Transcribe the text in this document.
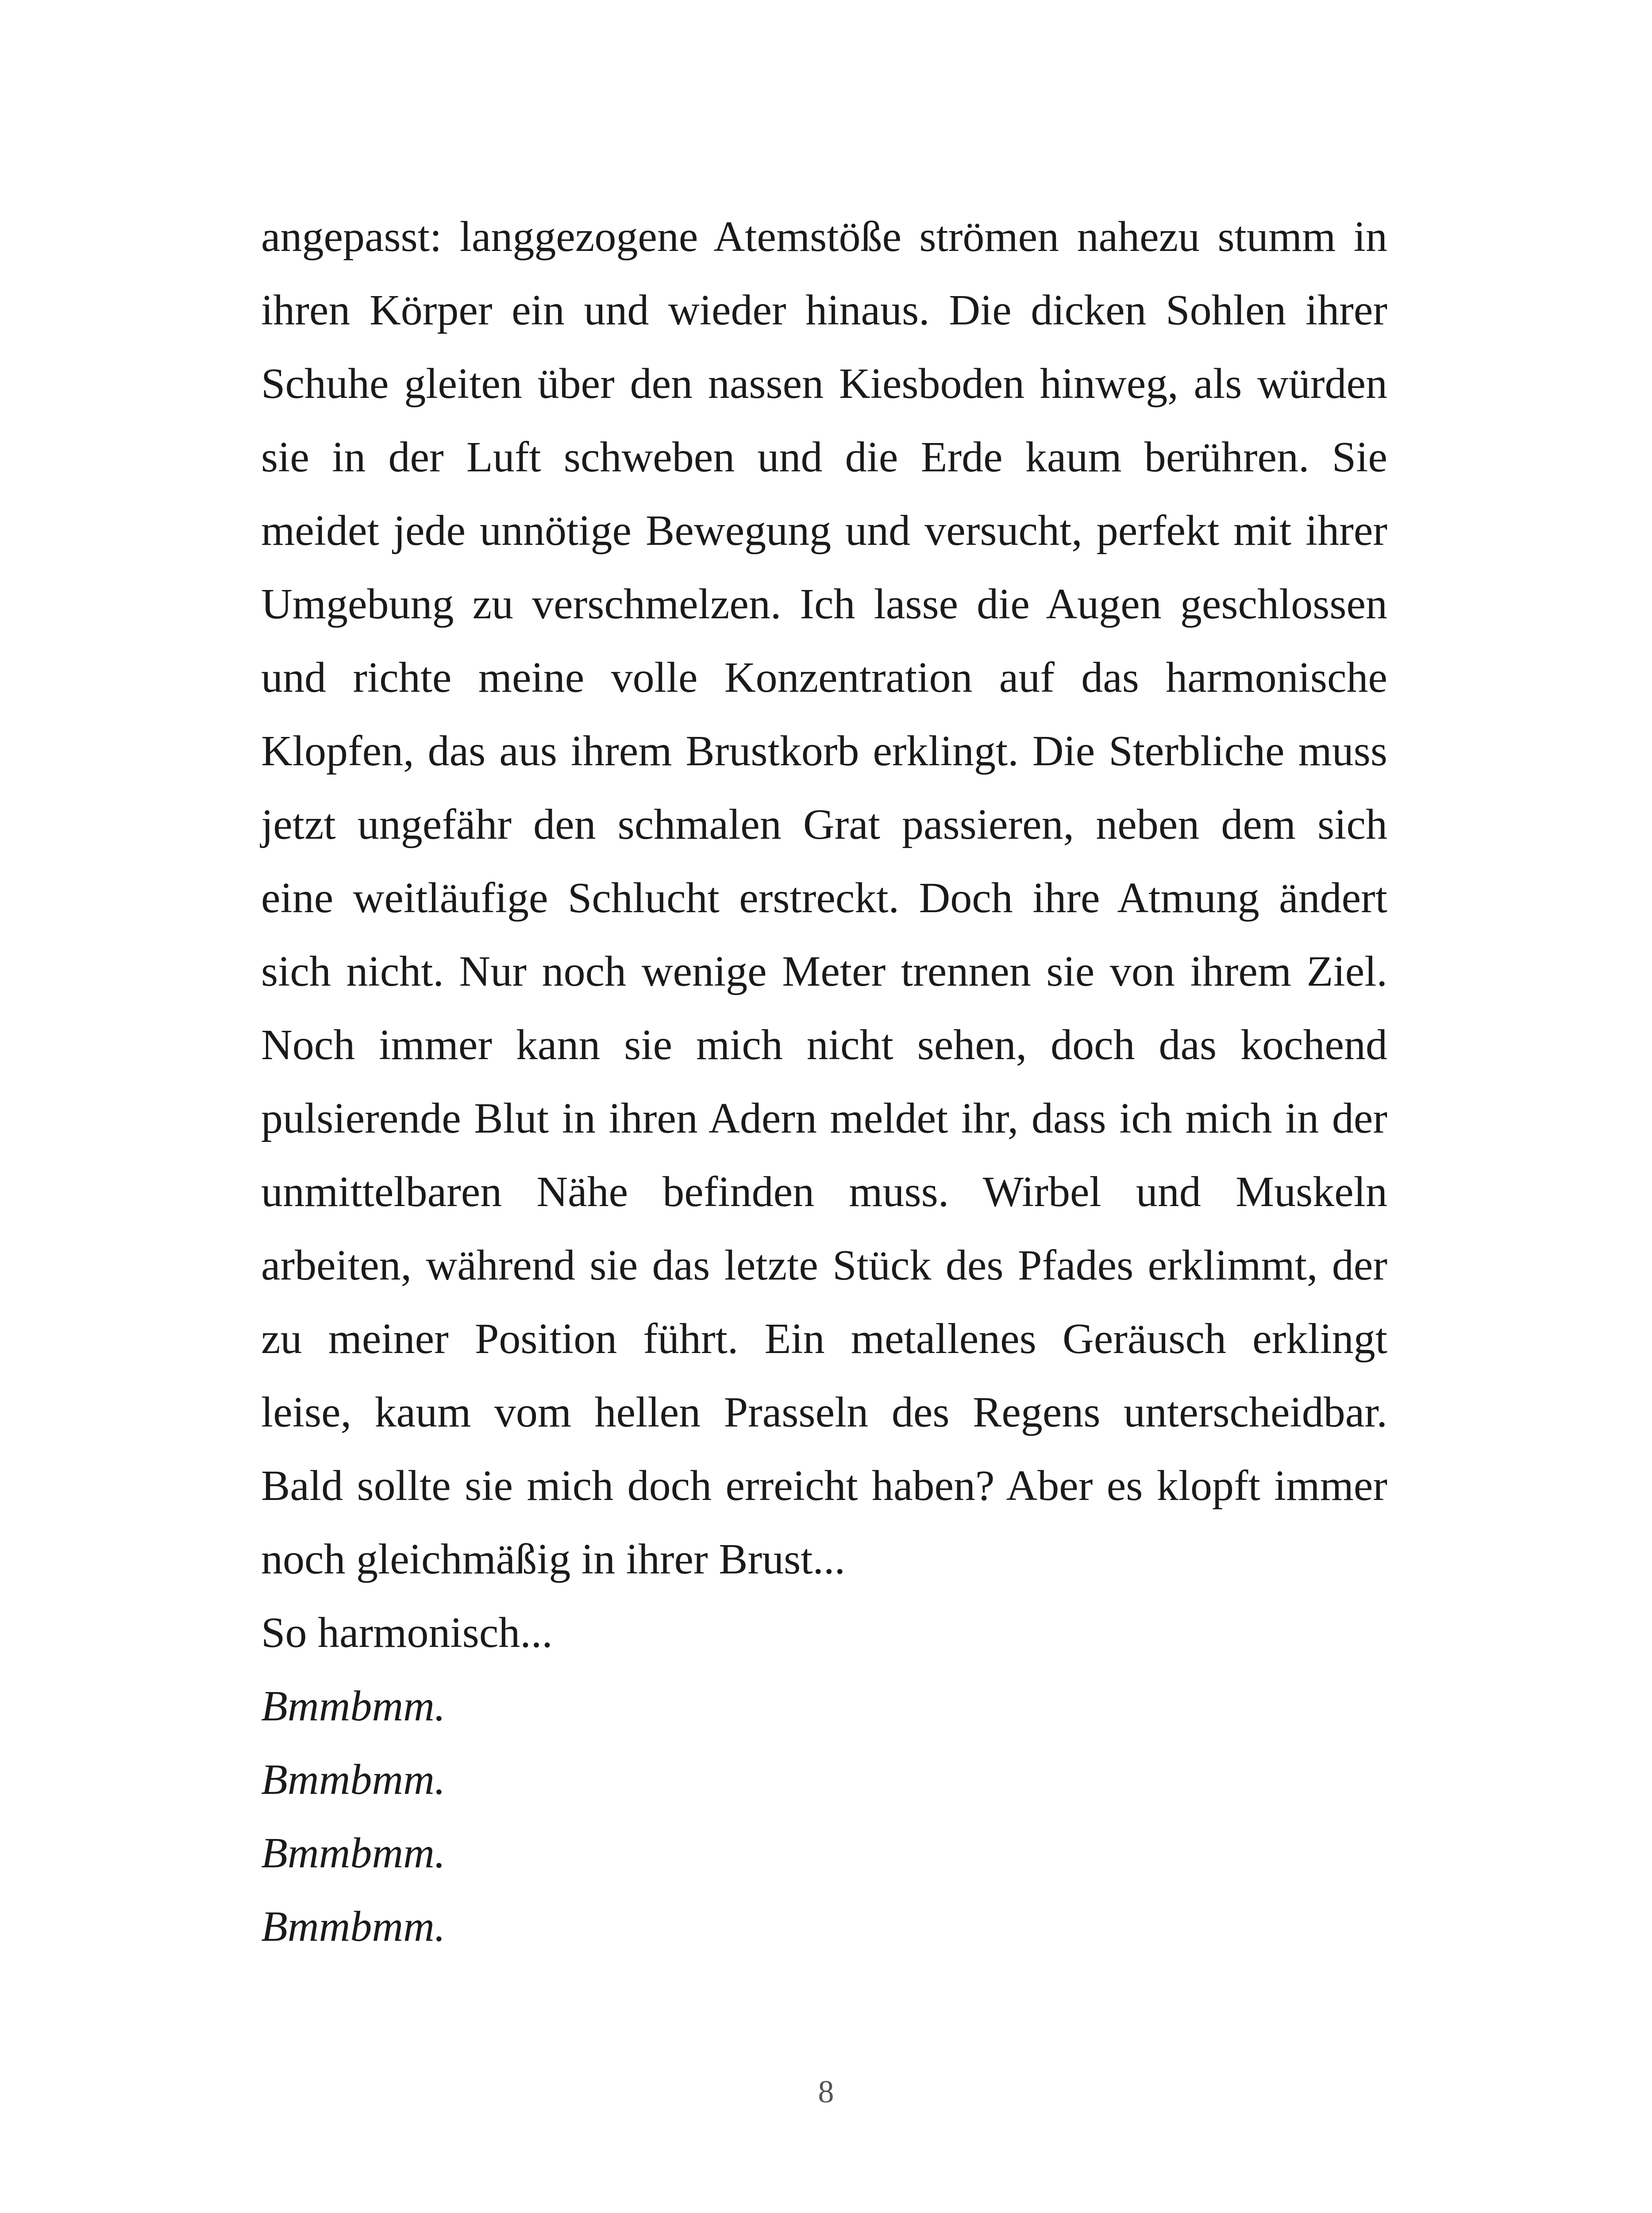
angepasst: langgezogene Atemstöße strömen nahezu stumm in
ihren Körper ein und wieder hinaus. Die dicken Sohlen ihrer
Schuhe gleiten über den nassen Kiesboden hinweg, als würden
sie in der Luft schweben und die Erde kaum berühren. Sie
meidet jede unnötige Bewegung und versucht, perfekt mit ihrer
Umgebung zu verschmelzen. Ich lasse die Augen geschlossen
und richte meine volle Konzentration auf das harmonische
Klopfen, das aus ihrem Brustkorb erklingt. Die Sterbliche muss
jetzt ungefähr den schmalen Grat passieren, neben dem sich
eine weitläufige Schlucht erstreckt. Doch ihre Atmung ändert
sich nicht. Nur noch wenige Meter trennen sie von ihrem Ziel.
Noch immer kann sie mich nicht sehen, doch das kochend
pulsierende Blut in ihren Adern meldet ihr, dass ich mich in der
unmittelbaren Nähe befinden muss. Wirbel und Muskeln
arbeiten, während sie das letzte Stück des Pfades erklimmt, der
zu meiner Position führt. Ein metallenes Geräusch erklingt
leise, kaum vom hellen Prasseln des Regens unterscheidbar.
Bald sollte sie mich doch erreicht haben? Aber es klopft immer
noch gleichmäßig in ihrer Brust...
So harmonisch...
Bmmbmm.
Bmmbmm.
Bmmbmm.
Bmmbmm.
8
